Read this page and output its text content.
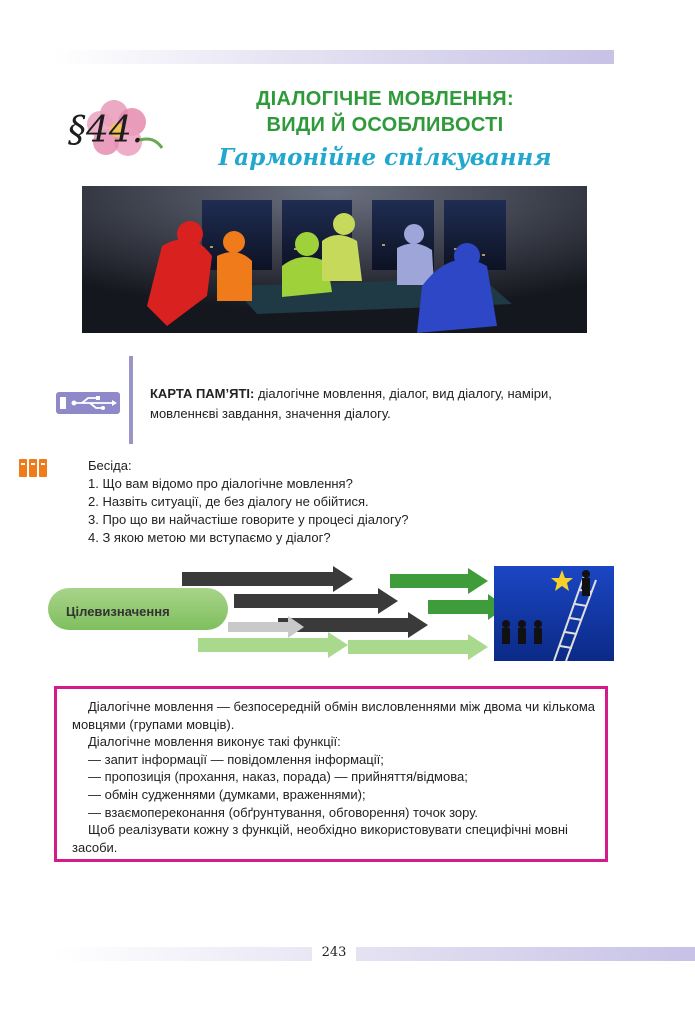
§44.
ДІАЛОГІЧНЕ МОВЛЕННЯ:
ВИДИ Й ОСОБЛИВОСТІ
Гармонійне спілкування
КАРТА ПАМ’ЯТІ: діалогічне мовлення, діалог, вид діалогу, наміри, мовленнєві завдання, значення діалогу.
Бесіда:
1. Що вам відомо про діалогічне мовлення?
2. Назвіть ситуації, де без діалогу не обійтися.
3. Про що ви найчастіше говорите у процесі діалогу?
4. З якою метою ми вступаємо у діалог?
Цілевизначення
Діалогічне мовлення — безпосередній обмін висловленнями між двома чи кількома мовцями (групами мовців).
Діалогічне мовлення виконує такі функції:
— запит інформації — повідомлення інформації;
— пропозиція (прохання, наказ, порада) — прийняття/відмова;
— обмін судженнями (думками, враженнями);
— взаємопереконання (обґрунтування, обговорення) точок зору.
Щоб реалізувати кожну з функцій, необхідно використовувати специфічні мовні засоби.
243
